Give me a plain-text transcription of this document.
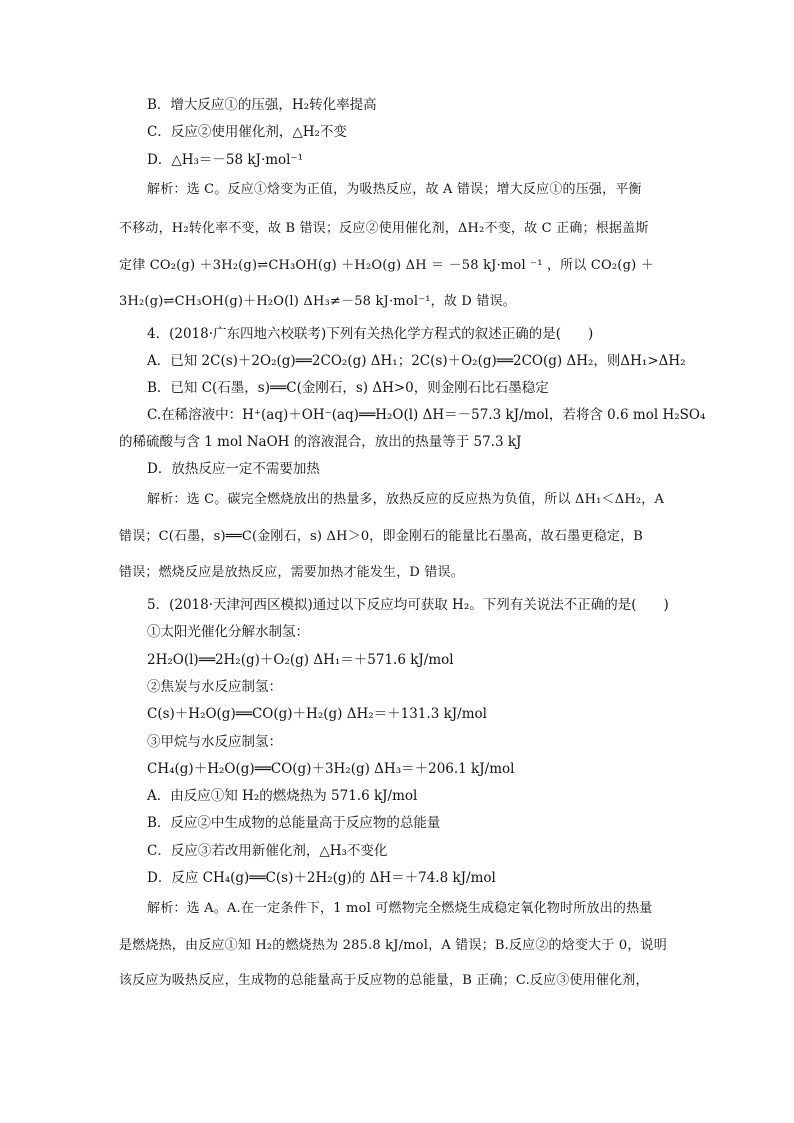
B．增大反应①的压强，H₂转化率提高
C．反应②使用催化剂，△H₂不变
D．△H₃＝－58 kJ·mol⁻¹
解析：选 C。反应①焓变为正值，为吸热反应，故 A 错误；增大反应①的压强，平衡
不移动，H₂转化率不变，故 B 错误；反应②使用催化剂，ΔH₂不变，故 C 正确；根据盖斯
定律 CO₂(g) ＋3H₂(g)⇌CH₃OH(g) ＋H₂O(g) ΔH ＝ －58 kJ·mol ⁻¹ ，所以 CO₂(g) ＋
3H₂(g)⇌CH₃OH(g)＋H₂O(l) ΔH₃≠－58 kJ·mol⁻¹，故 D 错误。
4．(2018·广东四地六校联考)下列有关热化学方程式的叙述正确的是(　　)
A．已知 2C(s)＋2O₂(g)══2CO₂(g) ΔH₁；2C(s)＋O₂(g)══2CO(g) ΔH₂，则ΔH₁>ΔH₂
B．已知 C(石墨，s)══C(金刚石，s) ΔH>0，则金刚石比石墨稳定
C.在稀溶液中：H⁺(aq)＋OH⁻(aq)══H₂O(l) ΔH＝－57.3 kJ/mol，若将含 0.6 mol H₂SO₄
的稀硫酸与含 1 mol NaOH 的溶液混合，放出的热量等于 57.3 kJ
D．放热反应一定不需要加热
解析：选 C。碳完全燃烧放出的热量多，放热反应的反应热为负值，所以 ΔH₁＜ΔH₂，A
错误；C(石墨，s)══C(金刚石，s) ΔH＞0，即金刚石的能量比石墨高，故石墨更稳定，B
错误；燃烧反应是放热反应，需要加热才能发生，D 错误。
5．(2018·天津河西区模拟)通过以下反应均可获取 H₂。下列有关说法不正确的是(　　)
①太阳光催化分解水制氢：
2H₂O(l)══2H₂(g)＋O₂(g) ΔH₁＝＋571.6 kJ/mol
②焦炭与水反应制氢：
C(s)＋H₂O(g)══CO(g)＋H₂(g) ΔH₂＝＋131.3 kJ/mol
③甲烷与水反应制氢：
CH₄(g)＋H₂O(g)══CO(g)＋3H₂(g) ΔH₃＝＋206.1 kJ/mol
A．由反应①知 H₂的燃烧热为 571.6 kJ/mol
B．反应②中生成物的总能量高于反应物的总能量
C．反应③若改用新催化剂，△H₃不变化
D．反应 CH₄(g)══C(s)＋2H₂(g)的 ΔH＝＋74.8 kJ/mol
解析：选 A。A.在一定条件下，1 mol 可燃物完全燃烧生成稳定氧化物时所放出的热量
是燃烧热，由反应①知 H₂的燃烧热为 285.8 kJ/mol，A 错误；B.反应②的焓变大于 0，说明
该反应为吸热反应，生成物的总能量高于反应物的总能量，B 正确；C.反应③使用催化剂，
